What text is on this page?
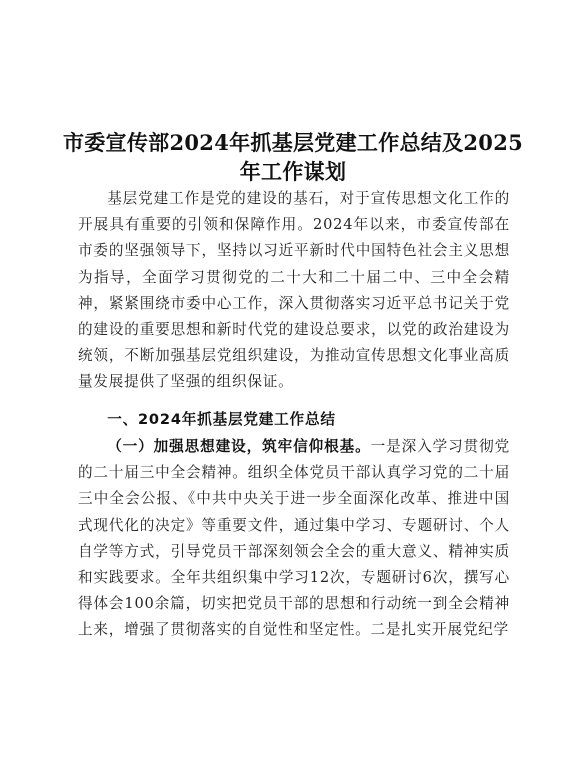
市委宣传部2024年抓基层党建工作总结及2025年工作谋划

基层党建工作是党的建设的基石，对于宣传思想文化工作的开展具有重要的引领和保障作用。2024年以来，市委宣传部在市委的坚强领导下，坚持以习近平新时代中国特色社会主义思想为指导，全面学习贯彻党的二十大和二十届二中、三中全会精神，紧紧围绕市委中心工作，深入贯彻落实习近平总书记关于党的建设的重要思想和新时代党的建设总要求，以党的政治建设为统领，不断加强基层党组织建设，为推动宣传思想文化事业高质量发展提供了坚强的组织保证。

一、2024年抓基层党建工作总结

（一）加强思想建设，筑牢信仰根基。一是深入学习贯彻党的二十届三中全会精神。组织全体党员干部认真学习党的二十届三中全会公报、《中共中央关于进一步全面深化改革、推进中国式现代化的决定》等重要文件，通过集中学习、专题研讨、个人自学等方式，引导党员干部深刻领会全会的重大意义、精神实质和实践要求。全年共组织集中学习12次，专题研讨6次，撰写心得体会100余篇，切实把党员干部的思想和行动统一到全会精神上来，增强了贯彻落实的自觉性和坚定性。二是扎实开展党纪学
